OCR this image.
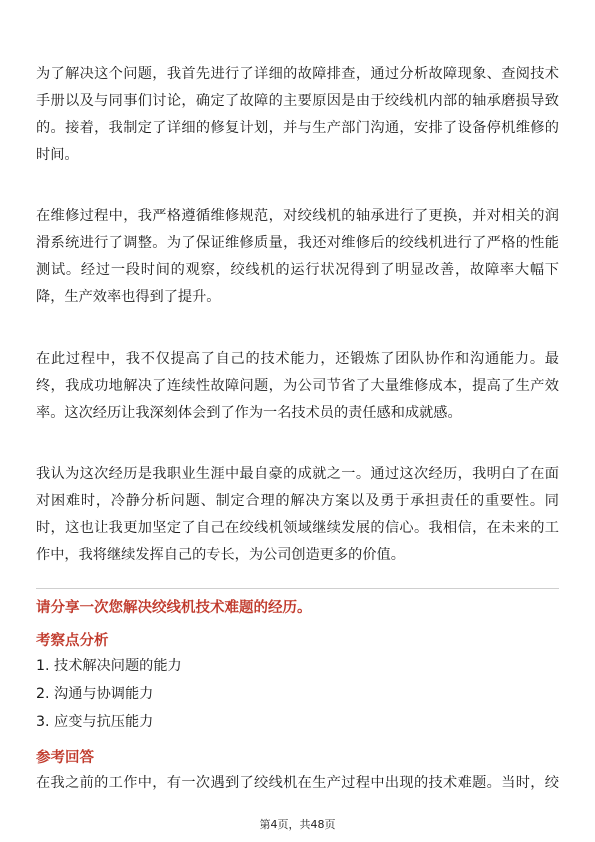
为了解决这个问题，我首先进行了详细的故障排查，通过分析故障现象、查阅技术
手册以及与同事们讨论，确定了故障的主要原因是由于绞线机内部的轴承磨损导致
的。接着，我制定了详细的修复计划，并与生产部门沟通，安排了设备停机维修的
时间。
在维修过程中，我严格遵循维修规范，对绞线机的轴承进行了更换，并对相关的润
滑系统进行了调整。为了保证维修质量，我还对维修后的绞线机进行了严格的性能
测试。经过一段时间的观察，绞线机的运行状况得到了明显改善，故障率大幅下
降，生产效率也得到了提升。
在此过程中，我不仅提高了自己的技术能力，还锻炼了团队协作和沟通能力。最
终，我成功地解决了连续性故障问题，为公司节省了大量维修成本，提高了生产效
率。这次经历让我深刻体会到了作为一名技术员的责任感和成就感。
我认为这次经历是我职业生涯中最自豪的成就之一。通过这次经历，我明白了在面
对困难时，冷静分析问题、制定合理的解决方案以及勇于承担责任的重要性。同
时，这也让我更加坚定了自己在绞线机领域继续发展的信心。我相信，在未来的工
作中，我将继续发挥自己的专长，为公司创造更多的价值。

请分享一次您解决绞线机技术难题的经历。

考察点分析

1. 技术解决问题的能力

2. 沟通与协调能力

3. 应变与抗压能力

参考回答

在我之前的工作中，有一次遇到了绞线机在生产过程中出现的技术难题。当时，绞
第4页，共48页
